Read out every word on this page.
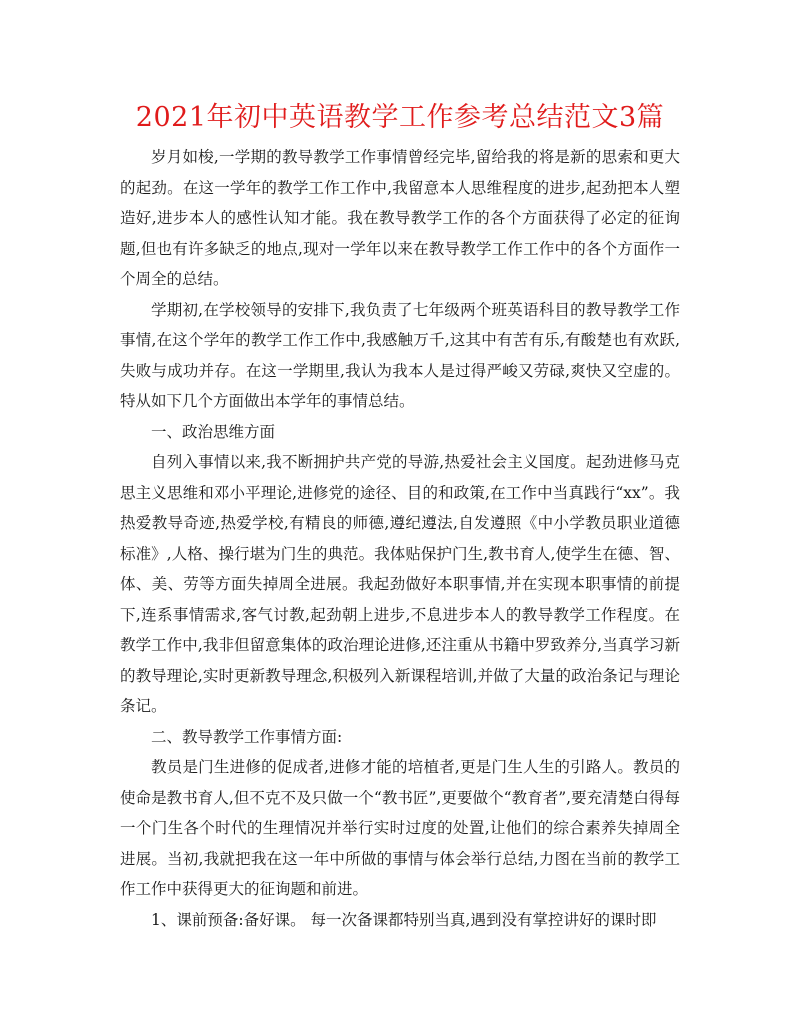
2021年初中英语教学工作参考总结范文3篇

岁月如梭,一学期的教导教学工作事情曾经完毕,留给我的将是新的思索和更大的起劲。在这一学年的教学工作工作中,我留意本人思维程度的进步,起劲把本人塑造好,进步本人的感性认知才能。我在教导教学工作的各个方面获得了必定的征询题,但也有许多缺乏的地点,现对一学年以来在教导教学工作工作中的各个方面作一个周全的总结。

学期初,在学校领导的安排下,我负责了七年级两个班英语科目的教导教学工作事情,在这个学年的教学工作工作中,我感触万千,这其中有苦有乐,有酸楚也有欢跃,失败与成功并存。在这一学期里,我认为我本人是过得严峻又劳碌,爽快又空虚的。特从如下几个方面做出本学年的事情总结。

一、政治思维方面

自列入事情以来,我不断拥护共产党的导游,热爱社会主义国度。起劲进修马克思主义思维和邓小平理论,进修党的途径、目的和政策,在工作中当真践行“xx”。我热爱教导奇迹,热爱学校,有精良的师德,遵纪遵法,自发遵照《中小学教员职业道德标准》,人格、操行堪为门生的典范。我体贴保护门生,教书育人,使学生在德、智、体、美、劳等方面失掉周全进展。我起劲做好本职事情,并在实现本职事情的前提下,连系事情需求,客气讨教,起劲朝上进步,不息进步本人的教导教学工作程度。在教学工作中,我非但留意集体的政治理论进修,还注重从书籍中罗致养分,当真学习新的教导理论,实时更新教导理念,积极列入新课程培训,并做了大量的政治条记与理论条记。

二、教导教学工作事情方面:

教员是门生进修的促成者,进修才能的培植者,更是门生人生的引路人。教员的使命是教书育人,但不克不及只做一个“教书匠”,更要做个“教育者”,要充清楚白得每一个门生各个时代的生理情况并举行实时过度的处置,让他们的综合素养失掉周全进展。当初,我就把我在这一年中所做的事情与体会举行总结,力图在当前的教学工作工作中获得更大的征询题和前进。

1、课前预备:备好课。 每一次备课都特别当真,遇到没有掌控讲好的课时即
